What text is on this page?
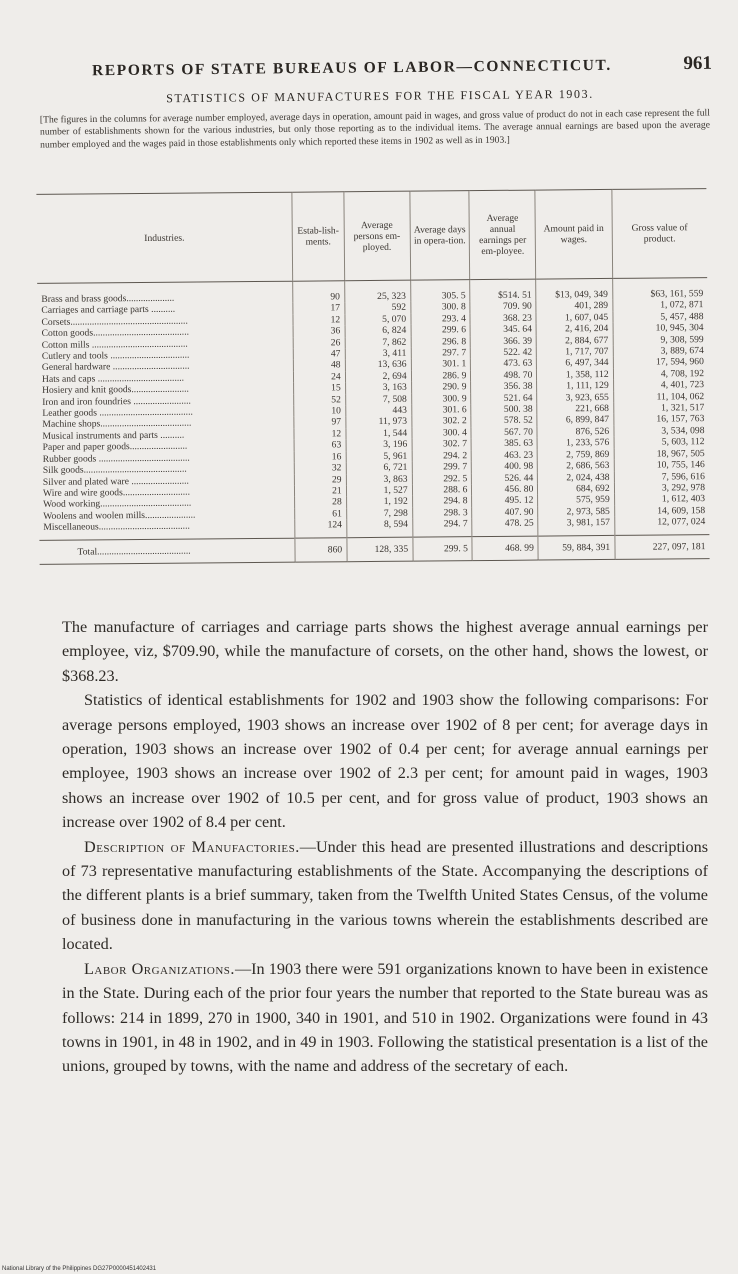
REPORTS OF STATE BUREAUS OF LABOR—CONNECTICUT.	961
STATISTICS OF MANUFACTURES FOR THE FISCAL YEAR 1903.
[The figures in the columns for average number employed, average days in operation, amount paid in wages, and gross value of product do not in each case represent the full number of establishments shown for the various industries, but only those reporting as to the individual items. The average annual earnings are based upon the average number employed and the wages paid in those establishments only which reported these items in 1902 as well as in 1903.]
Industries.	Estab-lish-ments.	Average persons em-ployed.	Average days in opera-tion.	Average annual earnings per em-ployee.	Amount paid in wages.	Gross value of product.
Brass and brass goods....................	90	25, 323	305. 5	$514. 51	$13, 049, 349	$63, 161, 559
Carriages and carriage parts ..........	17	592	300. 8	709. 90	401, 289	1, 072, 871
Corsets.................................................	12	5, 070	293. 4	368. 23	1, 607, 045	5, 457, 488
Cotton goods........................................	36	6, 824	299. 6	345. 64	2, 416, 204	10, 945, 304
Cotton mills ........................................	26	7, 862	296. 8	366. 39	2, 884, 677	9, 308, 599
Cutlery and tools .................................	47	3, 411	297. 7	522. 42	1, 717, 707	3, 889, 674
General hardware ................................	48	13, 636	301. 1	473. 63	6, 497, 344	17, 594, 960
Hats and caps ....................................	24	2, 694	286. 9	498. 70	1, 358, 112	4, 708, 192
Hosiery and knit goods........................	15	3, 163	290. 9	356. 38	1, 111, 129	4, 401, 723
Iron and iron foundries ........................	52	7, 508	300. 9	521. 64	3, 923, 655	11, 104, 062
Leather goods .......................................	10	443	301. 6	500. 38	221, 668	1, 321, 517
Machine shops......................................	97	11, 973	302. 2	578. 52	6, 899, 847	16, 157, 763
Musical instruments and parts ..........	12	1, 544	300. 4	567. 70	876, 526	3, 534, 098
Paper and paper goods........................	63	3, 196	302. 7	385. 63	1, 233, 576	5, 603, 112
Rubber goods ......................................	16	5, 961	294. 2	463. 23	2, 759, 869	18, 967, 505
Silk goods...........................................	32	6, 721	299. 7	400. 98	2, 686, 563	10, 755, 146
Silver and plated ware ........................	29	3, 863	292. 5	526. 44	2, 024, 438	7, 596, 616
Wire and wire goods............................	21	1, 527	288. 6	456. 80	684, 692	3, 292, 978
Wood working......................................	28	1, 192	294. 8	495. 12	575, 959	1, 612, 403
Woolens and woolen mills.....................	61	7, 298	298. 3	407. 90	2, 973, 585	14, 609, 158
Miscellaneous......................................	124	8, 594	294. 7	478. 25	3, 981, 157	12, 077, 024
Total.......................................	860	128, 335	299. 5	468. 99	59, 884, 391	227, 097, 181

The manufacture of carriages and carriage parts shows the highest average annual earnings per employee, viz, $709.90, while the manufacture of corsets, on the other hand, shows the lowest, or $368.23.

Statistics of identical establishments for 1902 and 1903 show the following comparisons: For average persons employed, 1903 shows an increase over 1902 of 8 per cent; for average days in operation, 1903 shows an increase over 1902 of 0.4 per cent; for average annual earnings per employee, 1903 shows an increase over 1902 of 2.3 per cent; for amount paid in wages, 1903 shows an increase over 1902 of 10.5 per cent, and for gross value of product, 1903 shows an increase over 1902 of 8.4 per cent.

Description of Manufactories.—Under this head are presented illustrations and descriptions of 73 representative manufacturing establishments of the State. Accompanying the descriptions of the different plants is a brief summary, taken from the Twelfth United States Census, of the volume of business done in manufacturing in the various towns wherein the establishments described are located.

Labor Organizations.—In 1903 there were 591 organizations known to have been in existence in the State. During each of the prior four years the number that reported to the State bureau was as follows: 214 in 1899, 270 in 1900, 340 in 1901, and 510 in 1902. Organizations were found in 43 towns in 1901, in 48 in 1902, and in 49 in 1903. Following the statistical presentation is a list of the unions, grouped by towns, with the name and address of the secretary of each.

National Library of the Philippines DG27P0000451402431
